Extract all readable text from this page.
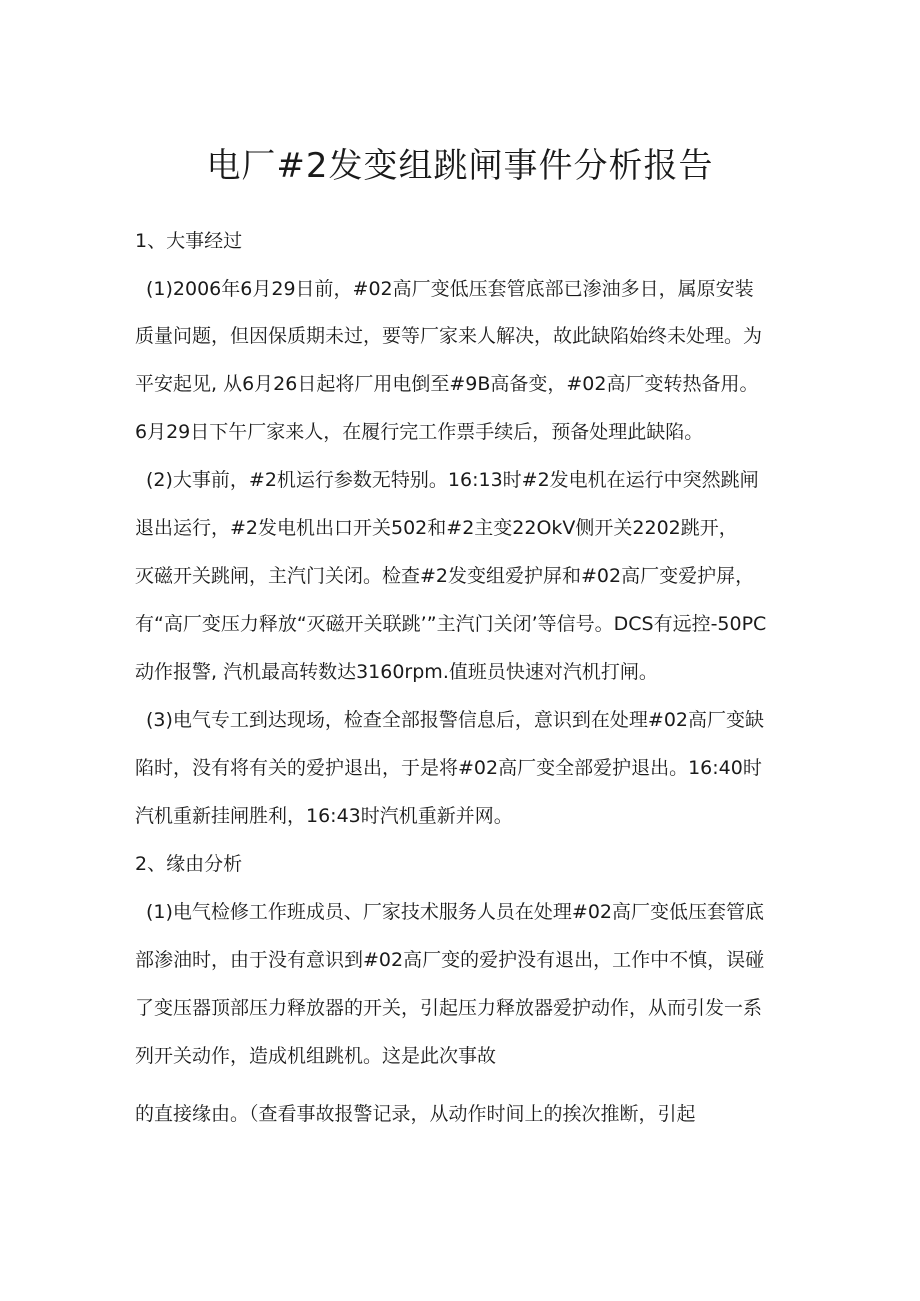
电厂#2发变组跳闸事件分析报告

1、大事经过

(1)2006年6月29日前，#02高厂变低压套管底部已渗油多日，属原安装

质量问题，但因保质期未过，要等厂家来人解决，故此缺陷始终未处理。为

平安起见, 从6月26日起将厂用电倒至#9B高备变，#02高厂变转热备用。

6月29日下午厂家来人，在履行完工作票手续后，预备处理此缺陷。

(2)大事前，#2机运行参数无特别。16:13时#2发电机在运行中突然跳闸

退出运行，#2发电机出口开关502和#2主变22OkV侧开关2202跳开，

灭磁开关跳闸，主汽门关闭。检查#2发变组爱护屏和#02高厂变爱护屏，

有“高厂变压力释放“灭磁开关联跳’”主汽门关闭’等信号。DCS有远控-50PC

动作报警, 汽机最高转数达3160rpm.值班员快速对汽机打闸。

(3)电气专工到达现场，检查全部报警信息后，意识到在处理#02高厂变缺

陷时，没有将有关的爱护退出，于是将#02高厂变全部爱护退出。16:40时

汽机重新挂闸胜利，16:43时汽机重新并网。

2、缘由分析

(1)电气检修工作班成员、厂家技术服务人员在处理#02高厂变低压套管底

部渗油时，由于没有意识到#02高厂变的爱护没有退出，工作中不慎，误碰

了变压器顶部压力释放器的开关，引起压力释放器爱护动作，从而引发一系

列开关动作，造成机组跳机。这是此次事故

的直接缘由。（查看事故报警记录，从动作时间上的挨次推断，引起
